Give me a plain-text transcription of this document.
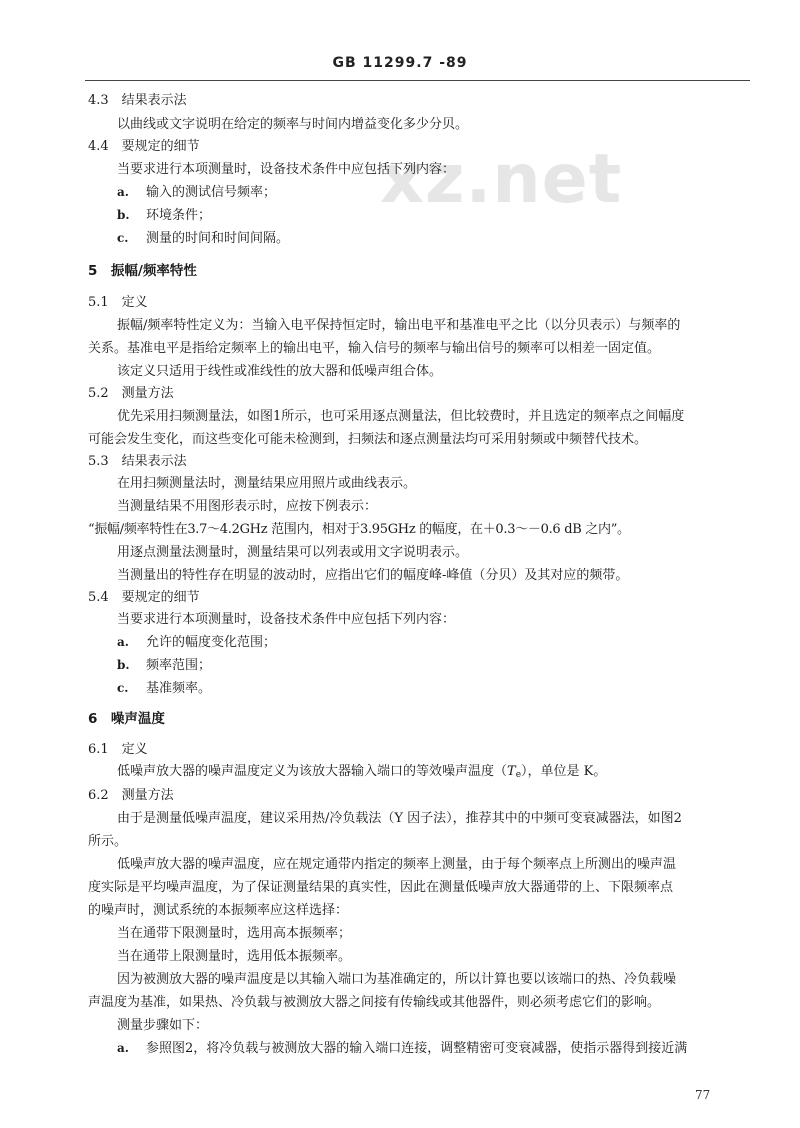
GB 11299.7 -89
xz.net
4.3　结果表示法
以曲线或文字说明在给定的频率与时间内增益变化多少分贝。
4.4　要规定的细节
当要求进行本项测量时，设备技术条件中应包括下列内容：
a. 输入的测试信号频率；
b. 环境条件；
c. 测量的时间和时间间隔。
5　振幅/频率特性
5.1　定义
振幅/频率特性定义为：当输入电平保持恒定时，输出电平和基准电平之比（以分贝表示）与频率的
关系。基准电平是指给定频率上的输出电平，输入信号的频率与输出信号的频率可以相差一固定值。
该定义只适用于线性或准线性的放大器和低噪声组合体。
5.2　测量方法
优先采用扫频测量法，如图1所示，也可采用逐点测量法，但比较费时，并且选定的频率点之间幅度
可能会发生变化，而这些变化可能未检测到，扫频法和逐点测量法均可采用射频或中频替代技术。
5.3　结果表示法
在用扫频测量法时，测量结果应用照片或曲线表示。
当测量结果不用图形表示时，应按下例表示：
“振幅/频率特性在3.7～4.2GHz 范围内，相对于3.95GHz 的幅度，在＋0.3～－0.6 dB 之内”。
用逐点测量法测量时，测量结果可以列表或用文字说明表示。
当测量出的特性存在明显的波动时，应指出它们的幅度峰-峰值（分贝）及其对应的频带。
5.4　要规定的细节
当要求进行本项测量时，设备技术条件中应包括下列内容：
a. 允许的幅度变化范围；
b. 频率范围；
c. 基准频率。
6　噪声温度
6.1　定义
低噪声放大器的噪声温度定义为该放大器输入端口的等效噪声温度$(T_e)$，单位是 K。
6.2　测量方法
由于是测量低噪声温度，建议采用热/冷负载法（Y 因子法），推荐其中的中频可变衰减器法，如图2
所示。
低噪声放大器的噪声温度，应在规定通带内指定的频率上测量，由于每个频率点上所测出的噪声温
度实际是平均噪声温度，为了保证测量结果的真实性，因此在测量低噪声放大器通带的上、下限频率点
的噪声时，测试系统的本振频率应这样选择：
当在通带下限测量时，选用高本振频率；
当在通带上限测量时，选用低本振频率。
因为被测放大器的噪声温度是以其输入端口为基准确定的，所以计算也要以该端口的热、冷负载噪
声温度为基准，如果热、冷负载与被测放大器之间接有传输线或其他器件，则必须考虑它们的影响。
测量步骤如下：
a. 参照图2，将冷负载与被测放大器的输入端口连接，调整精密可变衰减器，使指示器得到接近满
77
